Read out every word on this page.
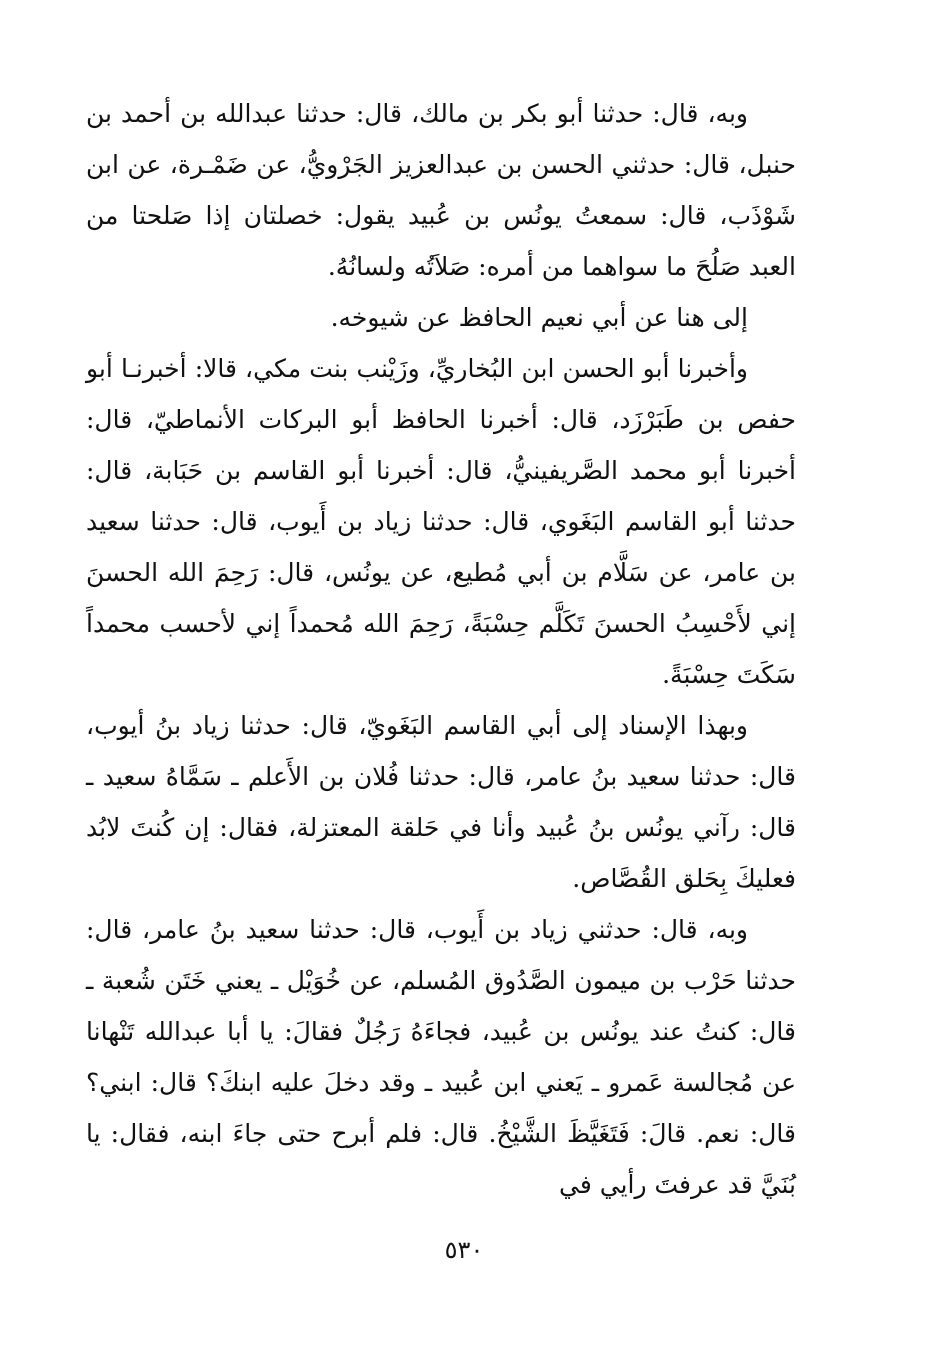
وبه، قال: حدثنا أبو بكر بن مالك، قال: حدثنا عبدالله بن أحمد بن حنبل، قال: حدثني الحسن بن عبدالعزيز الجَرْويُّ، عن ضَمْـرة، عن ابن شَوْذَب، قال: سمعتُ يونُس بن عُبيد يقول: خصلتان إذا صَلحتا من العبد صَلُحَ ما سواهما من أمره: صَلاَتُه ولسانُهُ.

إلى هنا عن أبي نعيم الحافظ عن شيوخه.

وأخبرنا أبو الحسن ابن البُخاريِّ، وزَيْنب بنت مكي، قالا: أخبرنـا أبو حفص بن طَبَرْزَد، قال: أخبرنا الحافظ أبو البركات الأنماطيّ، قال: أخبرنا أبو محمد الصَّريفينيُّ، قال: أخبرنا أبو القاسم بن حَبَابة، قال: حدثنا أبو القاسم البَغَوي، قال: حدثنا زياد بن أَيوب، قال: حدثنا سعيد بن عامر، عن سَلَّام بن أبي مُطيع، عن يونُس، قال: رَحِمَ الله الحسنَ إني لأَحْسِبُ الحسنَ تَكَلَّم حِسْبَةً، رَحِمَ الله مُحمداً إني لأحسب محمداً سَكَتَ حِسْبَةً.

وبهذا الإسناد إلى أبي القاسم البَغَويّ، قال: حدثنا زياد بنُ أيوب، قال: حدثنا سعيد بنُ عامر، قال: حدثنا فُلان بن الأَعلم ـ سَمَّاهُ سعيد ـ قال: رآني يونُس بنُ عُبيد وأنا في حَلقة المعتزلة، فقال: إن كُنتَ لابُد فعليكَ بِحَلق القُصَّاص.

وبه، قال: حدثني زياد بن أَيوب، قال: حدثنا سعيد بنُ عامر، قال: حدثنا حَرْب بن ميمون الصَّدُوق المُسلم، عن خُوَيْل ـ يعني خَتَن شُعبة ـ قال: كنتُ عند يونُس بن عُبيد، فجاءَهُ رَجُلٌ فقالَ: يا أبا عبدالله تَنْهانا عن مُجالسة عَمرو ـ يَعني ابن عُبيد ـ وقد دخلَ عليه ابنكَ؟ قال: ابني؟ قال: نعم. قالَ: فَتَغَيَّظَ الشَّيْخُ. قال: فلم أبرح حتى جاءَ ابنه، فقال: يا بُنَيَّ قد عرفتَ رأيي في

٥٣٠
